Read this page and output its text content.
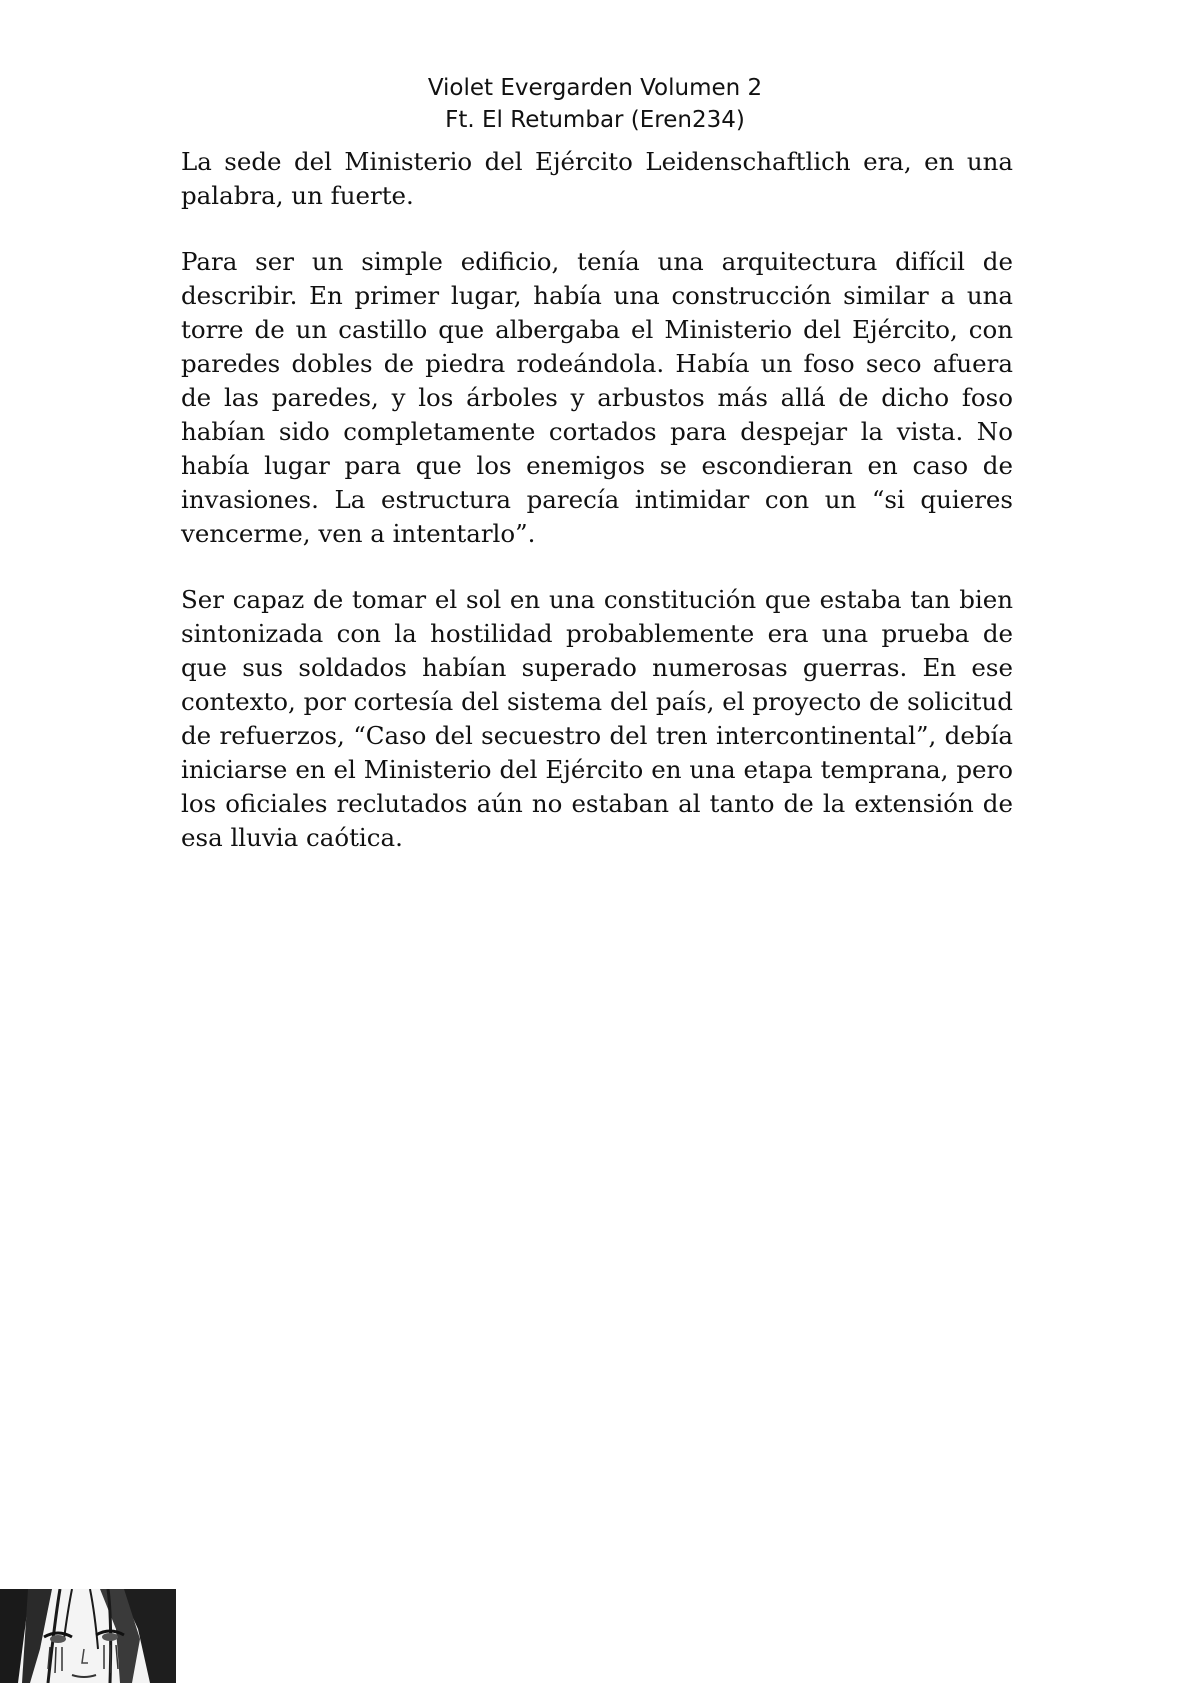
Violet Evergarden Volumen 2
Ft. El Retumbar (Eren234)

La sede del Ministerio del Ejército Leidenschaftlich era, en una palabra, un fuerte.

Para ser un simple edificio, tenía una arquitectura difícil de describir. En primer lugar, había una construcción similar a una torre de un castillo que albergaba el Ministerio del Ejército, con paredes dobles de piedra rodeándola. Había un foso seco afuera de las paredes, y los árboles y arbustos más allá de dicho foso habían sido completamente cortados para despejar la vista. No había lugar para que los enemigos se escondieran en caso de invasiones. La estructura parecía intimidar con un “si quieres vencerme, ven a intentarlo”.

Ser capaz de tomar el sol en una constitución que estaba tan bien sintonizada con la hostilidad probablemente era una prueba de que sus soldados habían superado numerosas guerras. En ese contexto, por cortesía del sistema del país, el proyecto de solicitud de refuerzos, “Caso del secuestro del tren intercontinental”, debía iniciarse en el Ministerio del Ejército en una etapa temprana, pero los oficiales reclutados aún no estaban al tanto de la extensión de esa lluvia caótica.
